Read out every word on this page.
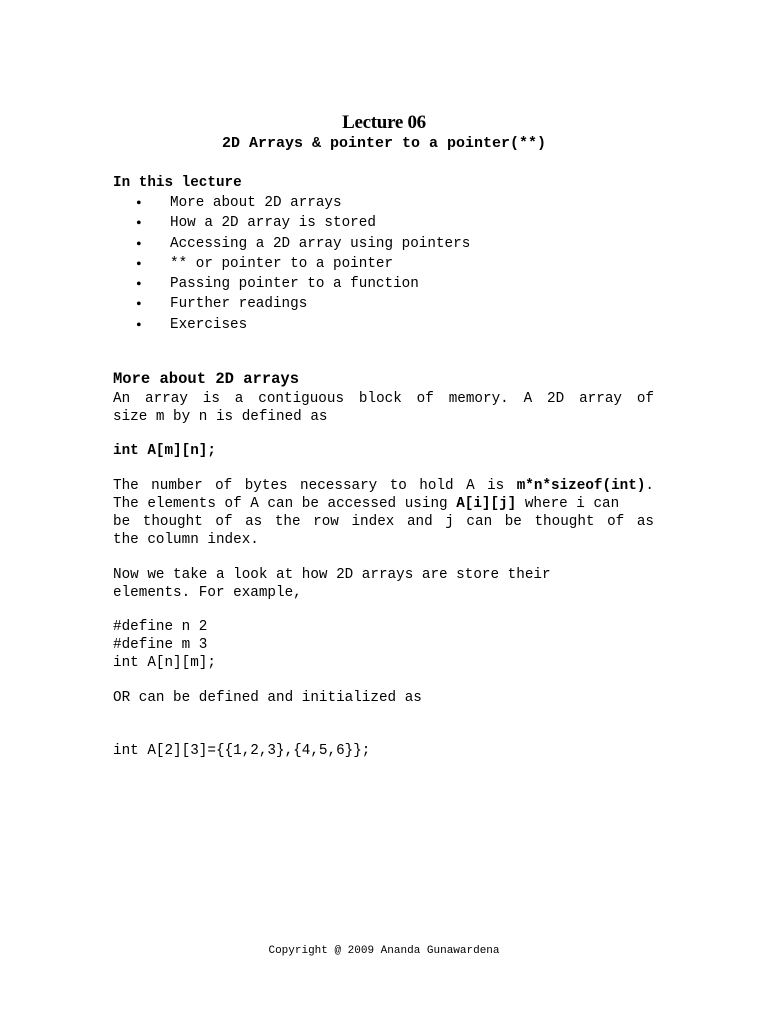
Lecture 06
2D Arrays & pointer to a pointer(**)
In this lecture
• More about 2D arrays
• How a 2D array is stored
• Accessing a 2D array using pointers
• ** or pointer to a pointer
• Passing pointer to a function
• Further readings
• Exercises
More about 2D arrays
An array is a contiguous block of memory. A 2D array of
size m by n is defined as
int A[m][n];
The number of bytes necessary to hold A is m*n*sizeof(int).
The elements of A can be accessed using A[i][j] where i can
be thought of as the row index and j can be thought of as
the column index.
Now we take a look at how 2D arrays are store their
elements. For example,
#define n 2
#define m 3
int A[n][m];
OR can be defined and initialized as
int A[2][3]={{1,2,3},{4,5,6}};
Copyright @ 2009 Ananda Gunawardena
